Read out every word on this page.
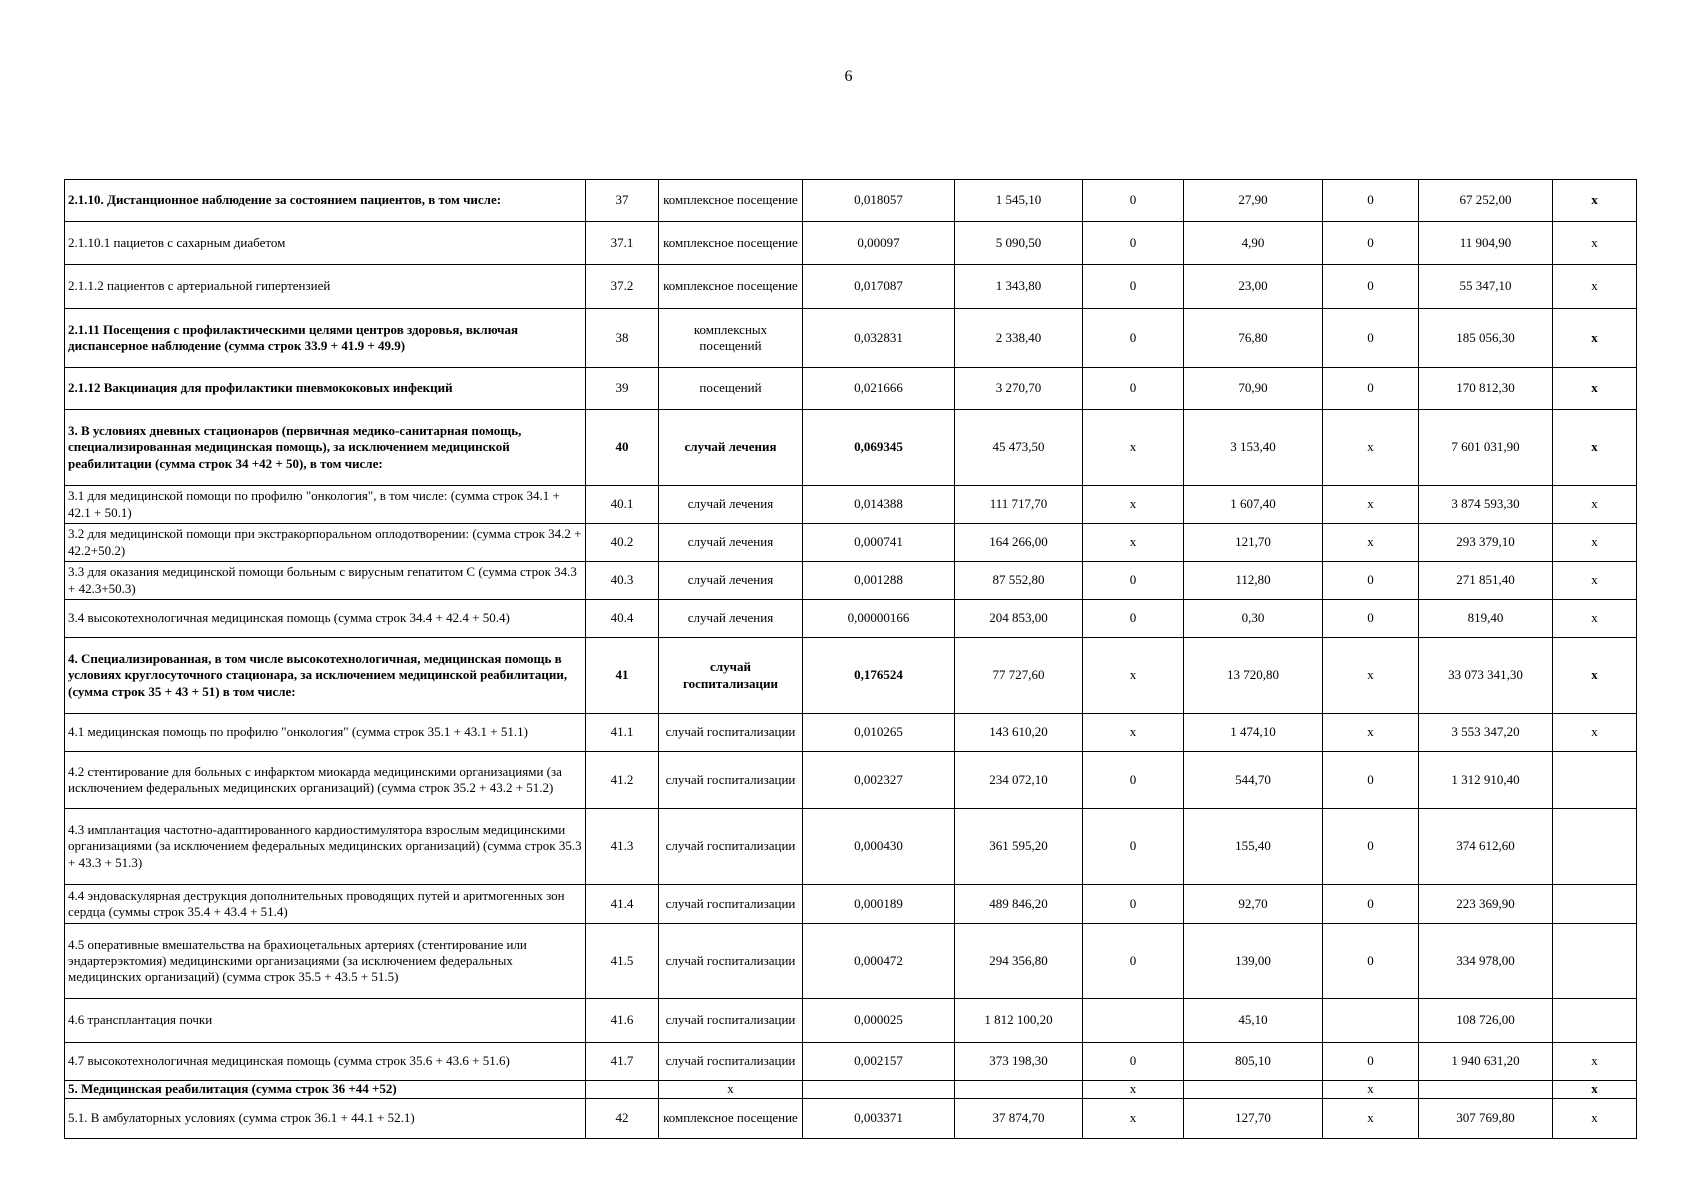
6
2.1.10. Дистанционное наблюдение за состоянием пациентов, в том числе:	37	комплексное посещение	0,018057	1 545,10	0	27,90	0	67 252,00	х
2.1.10.1 пациетов с сахарным диабетом	37.1	комплексное посещение	0,00097	5 090,50	0	4,90	0	11 904,90	х
2.1.1.2 пациентов с артериальной гипертензией	37.2	комплексное посещение	0,017087	1 343,80	0	23,00	0	55 347,10	х
2.1.11 Посещения с профилактическими целями центров здоровья, включая диспансерное наблюдение (сумма строк 33.9 + 41.9 + 49.9)	38	комплексных посещений	0,032831	2 338,40	0	76,80	0	185 056,30	х
2.1.12 Вакцинация для профилактики пневмококовых инфекций	39	посещений	0,021666	3 270,70	0	70,90	0	170 812,30	х
3. В условиях дневных стационаров (первичная медико-санитарная помощь, специализированная медицинская помощь), за исключением медицинской реабилитации (сумма строк 34 +42 + 50), в том числе:	40	случай лечения	0,069345	45 473,50	х	3 153,40	х	7 601 031,90	х
3.1 для медицинской помощи по профилю "онкология", в том числе: (сумма строк 34.1 + 42.1 + 50.1)	40.1	случай лечения	0,014388	111 717,70	х	1 607,40	х	3 874 593,30	х
3.2 для медицинской помощи при экстракорпоральном оплодотворении: (сумма строк 34.2 + 42.2+50.2)	40.2	случай лечения	0,000741	164 266,00	х	121,70	х	293 379,10	х
3.3 для оказания медицинской помощи больным с вирусным гепатитом С (сумма строк 34.3 + 42.3+50.3)	40.3	случай лечения	0,001288	87 552,80	0	112,80	0	271 851,40	х
3.4 высокотехнологичная медицинская помощь (сумма строк 34.4 + 42.4 + 50.4)	40.4	случай лечения	0,00000166	204 853,00	0	0,30	0	819,40	х
4. Специализированная, в том числе высокотехнологичная, медицинская помощь в условиях круглосуточного стационара, за исключением медицинской реабилитации, (сумма строк 35 + 43 + 51) в том числе:	41	случай госпитализации	0,176524	77 727,60	х	13 720,80	х	33 073 341,30	х
4.1 медицинская помощь по профилю "онкология" (сумма строк 35.1 + 43.1 + 51.1)	41.1	случай госпитализации	0,010265	143 610,20	х	1 474,10	х	3 553 347,20	х
4.2 стентирование для больных с инфарктом миокарда медицинскими организациями (за исключением федеральных медицинских организаций) (сумма строк 35.2 + 43.2 + 51.2)	41.2	случай госпитализации	0,002327	234 072,10	0	544,70	0	1 312 910,40	
4.3 имплантация частотно-адаптированного кардиостимулятора взрослым медицинскими организациями (за исключением федеральных медицинских организаций) (сумма строк 35.3 + 43.3 + 51.3)	41.3	случай госпитализации	0,000430	361 595,20	0	155,40	0	374 612,60	
4.4 эндоваскулярная деструкция дополнительных проводящих путей и аритмогенных зон сердца (суммы строк 35.4 + 43.4 + 51.4)	41.4	случай госпитализации	0,000189	489 846,20	0	92,70	0	223 369,90	
4.5 оперативные вмешательства на брахиоцетальных артериях (стентирование или эндартерэктомия) медицинскими организациями (за исключением федеральных медицинских организаций) (сумма строк 35.5 + 43.5 + 51.5)	41.5	случай госпитализации	0,000472	294 356,80	0	139,00	0	334 978,00	
4.6 трансплантация почки	41.6	случай госпитализации	0,000025	1 812 100,20		45,10		108 726,00	
4.7 высокотехнологичная медицинская помощь (сумма строк 35.6 + 43.6 + 51.6)	41.7	случай госпитализации	0,002157	373 198,30	0	805,10	0	1 940 631,20	х
5. Медицинская реабилитация (сумма строк 36 +44 +52)		х			х		х		х
5.1. В амбулаторных условиях (сумма строк 36.1 + 44.1 + 52.1)	42	комплексное посещение	0,003371	37 874,70	х	127,70	х	307 769,80	х
